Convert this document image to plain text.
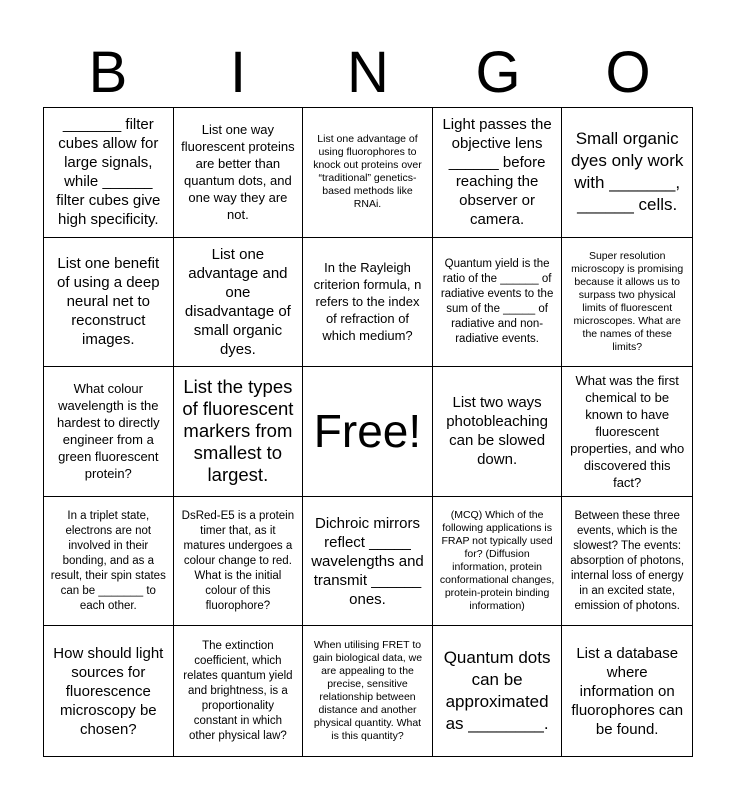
B	I	N	G	O
_______ filter cubes allow for large signals, while ______ filter cubes give high specificity.
List one way fluorescent proteins are better than quantum dots, and one way they are not.
List one advantage of using fluorophores to knock out proteins over “traditional” genetics-based methods like RNAi.
Light passes the objective lens ______ before reaching the observer or camera.
Small organic dyes only work with _______, ______ cells.
List one benefit of using a deep neural net to reconstruct images.
List one advantage and one disadvantage of small organic dyes.
In the Rayleigh criterion formula, n refers to the index of refraction of which medium?
Quantum yield is the ratio of the ______ of radiative events to the sum of the _____ of radiative and non-radiative events.
Super resolution microscopy is promising because it allows us to surpass two physical limits of fluorescent microscopes. What are the names of these limits?
What colour wavelength is the hardest to directly engineer from a green fluorescent protein?
List the types of fluorescent markers from smallest to largest.
Free!
List two ways photobleaching can be slowed down.
What was the first chemical to be known to have fluorescent properties, and who discovered this fact?
In a triplet state, electrons are not involved in their bonding, and as a result, their spin states can be _______ to each other.
DsRed-E5 is a protein timer that, as it matures undergoes a colour change to red. What is the initial colour of this fluorophore?
Dichroic mirrors reflect _____ wavelengths and transmit ______ ones.
(MCQ) Which of the following applications is FRAP not typically used for? (Diffusion information, protein conformational changes, protein-protein binding information)
Between these three events, which is the slowest? The events: absorption of photons, internal loss of energy in an excited state, emission of photons.
How should light sources for fluorescence microscopy be chosen?
The extinction coefficient, which relates quantum yield and brightness, is a proportionality constant in which other physical law?
When utilising FRET to gain biological data, we are appealing to the precise, sensitive relationship between distance and another physical quantity. What is this quantity?
Quantum dots can be approximated as ________.
List a database where information on fluorophores can be found.
